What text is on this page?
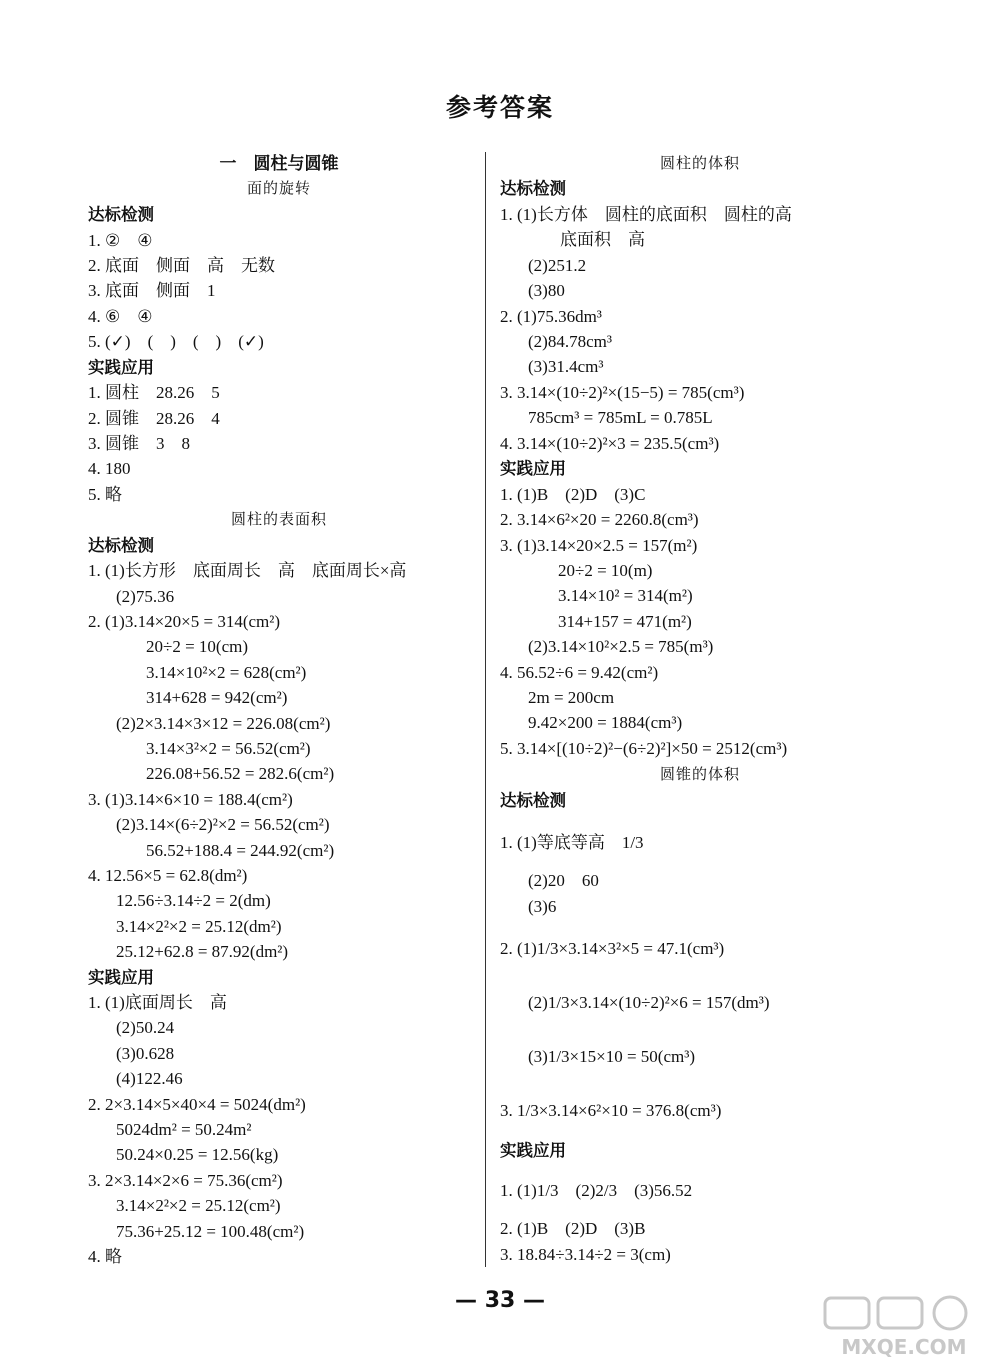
参考答案
一　圆柱与圆锥
面的旋转
达标检测
1. ②　④
2. 底面　侧面　高　无数
3. 底面　侧面　1
4. ⑥　④
5. (✓)　(　)　(　)　(✓)
实践应用
1. 圆柱　28.26　5
2. 圆锥　28.26　4
3. 圆锥　3　8
4. 180
5. 略
圆柱的表面积
达标检测
1. (1)长方形　底面周长　高　底面周长×高
(2)75.36
2. (1)3.14×20×5 = 314(cm²)
20÷2 = 10(cm)
3.14×10²×2 = 628(cm²)
314+628 = 942(cm²)
(2)2×3.14×3×12 = 226.08(cm²)
3.14×3²×2 = 56.52(cm²)
226.08+56.52 = 282.6(cm²)
3. (1)3.14×6×10 = 188.4(cm²)
(2)3.14×(6÷2)²×2 = 56.52(cm²)
56.52+188.4 = 244.92(cm²)
4. 12.56×5 = 62.8(dm²)
12.56÷3.14÷2 = 2(dm)
3.14×2²×2 = 25.12(dm²)
25.12+62.8 = 87.92(dm²)
实践应用
1. (1)底面周长　高
(2)50.24
(3)0.628
(4)122.46
2. 2×3.14×5×40×4 = 5024(dm²)
5024dm² = 50.24m²
50.24×0.25 = 12.56(kg)
3. 2×3.14×2×6 = 75.36(cm²)
3.14×2²×2 = 25.12(cm²)
75.36+25.12 = 100.48(cm²)
4. 略
圆柱的体积
达标检测
1. (1)长方体　圆柱的底面积　圆柱的高
底面积　高
(2)251.2
(3)80
2. (1)75.36dm³
(2)84.78cm³
(3)31.4cm³
3. 3.14×(10÷2)²×(15−5) = 785(cm³)
785cm³ = 785mL = 0.785L
4. 3.14×(10÷2)²×3 = 235.5(cm³)
实践应用
1. (1)B　(2)D　(3)C
2. 3.14×6²×20 = 2260.8(cm³)
3. (1)3.14×20×2.5 = 157(m²)
20÷2 = 10(m)
3.14×10² = 314(m²)
314+157 = 471(m²)
(2)3.14×10²×2.5 = 785(m³)
4. 56.52÷6 = 9.42(cm²)
2m = 200cm
9.42×200 = 1884(cm³)
5. 3.14×[(10÷2)²−(6÷2)²]×50 = 2512(cm³)
圆锥的体积
达标检测
1. (1)等底等高　1/3
(2)20　60
(3)6
2. (1)1/3×3.14×3²×5 = 47.1(cm³)
(2)1/3×3.14×(10÷2)²×6 = 157(dm³)
(3)1/3×15×10 = 50(cm³)
3. 1/3×3.14×6²×10 = 376.8(cm³)
实践应用
1. (1)1/3　(2)2/3　(3)56.52
2. (1)B　(2)D　(3)B
3. 18.84÷3.14÷2 = 3(cm)
— 33 —
MXQE.COM
